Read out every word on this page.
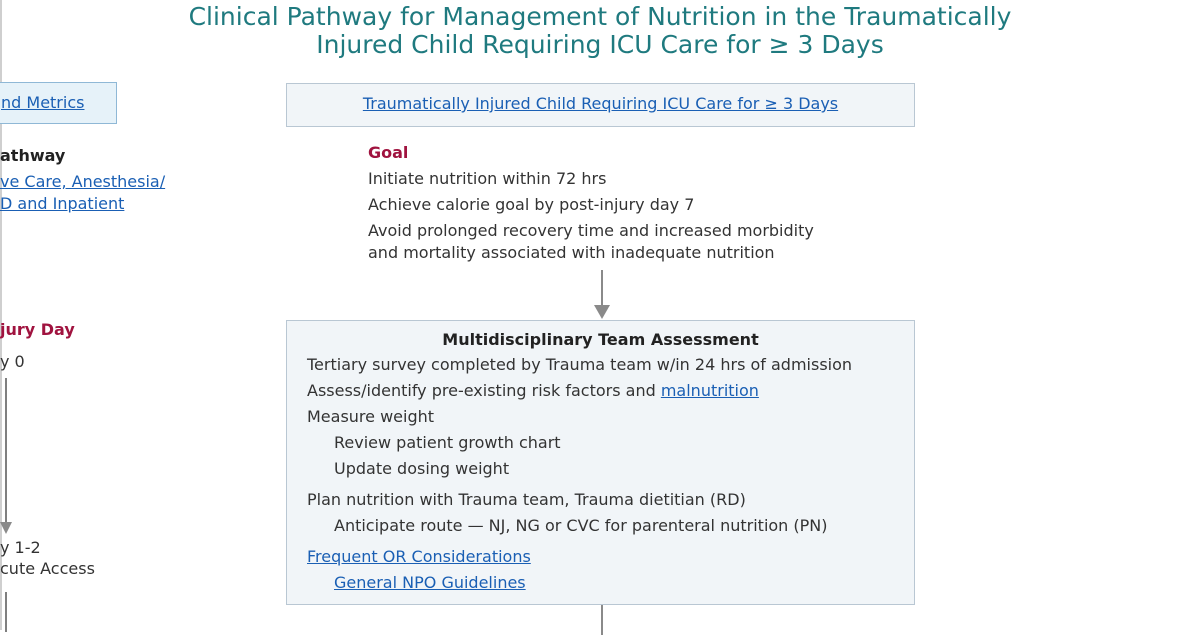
Clinical Pathway for Management of Nutrition in the Traumatically
Injured Child Requiring ICU Care for ≥ 3 Days
nd Metrics
athway
ve Care, Anesthesia/
D and Inpatient
jury Day
y 0
y 1-2
cute Access
Traumatically Injured Child Requiring ICU Care for ≥ 3 Days
Goal
Initiate nutrition within 72 hrs
Achieve calorie goal by post-injury day 7
Avoid prolonged recovery time and increased morbidity
and mortality associated with inadequate nutrition
Multidisciplinary Team Assessment
Tertiary survey completed by Trauma team w/in 24 hrs of admission
Assess/identify pre-existing risk factors and malnutrition
Measure weight
Review patient growth chart
Update dosing weight
Plan nutrition with Trauma team, Trauma dietitian (RD)
Anticipate route — NJ, NG or CVC for parenteral nutrition (PN)
Frequent OR Considerations
General NPO Guidelines
